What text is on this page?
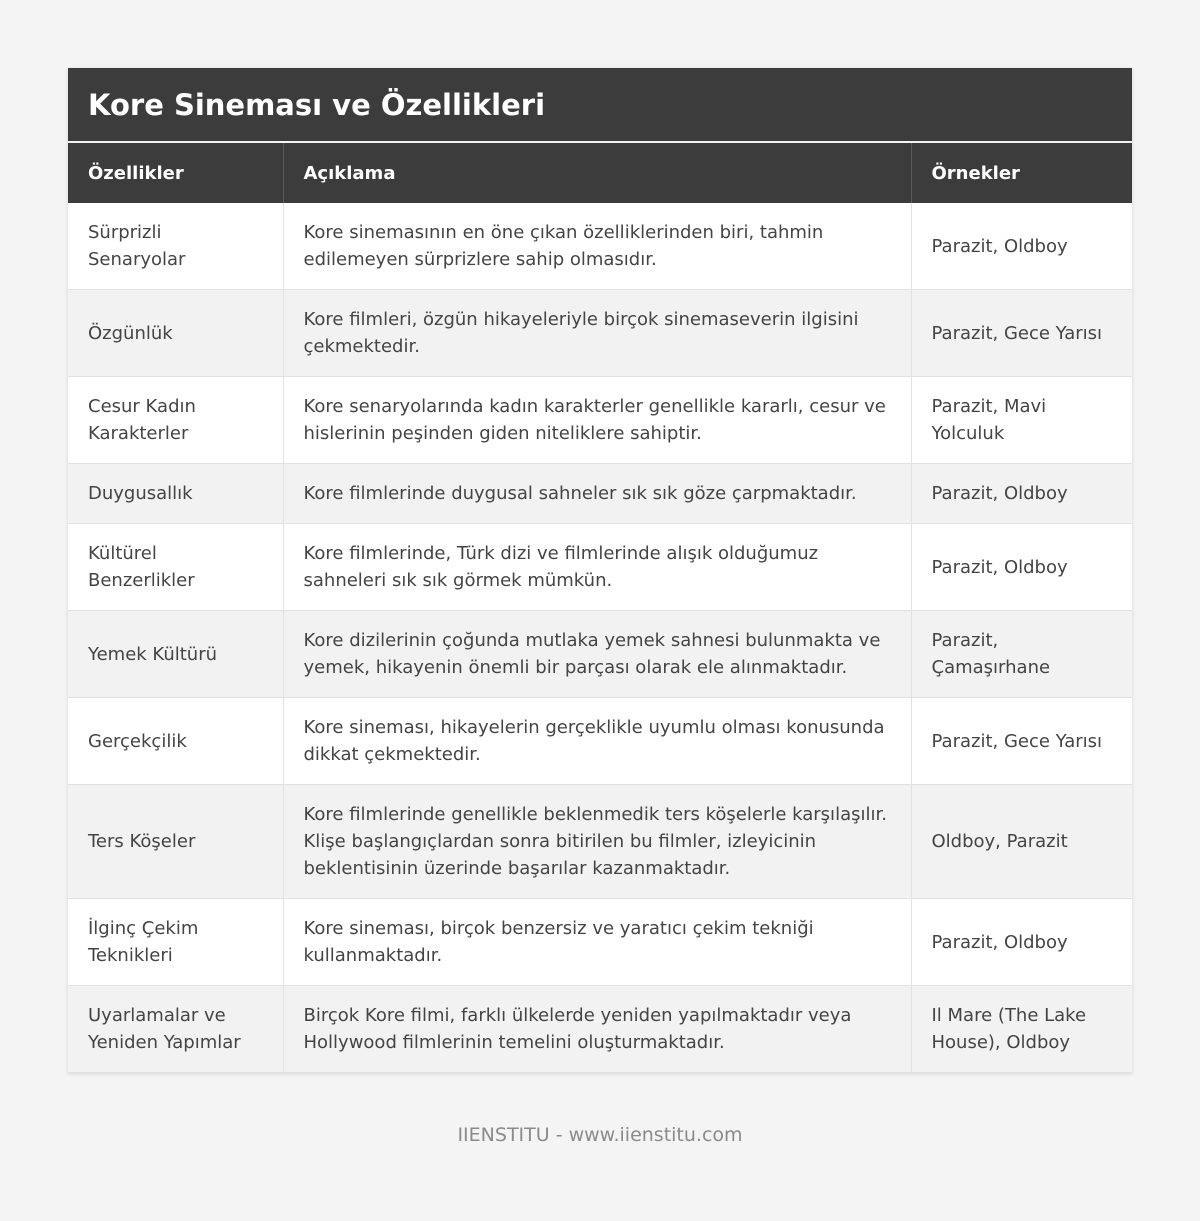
Kore Sineması ve Özellikleri
Özellikler	Açıklama	Örnekler
Sürprizli Senaryolar	Kore sinemasının en öne çıkan özelliklerinden biri, tahmin edilemeyen sürprizlere sahip olmasıdır.	Parazit, Oldboy
Özgünlük	Kore filmleri, özgün hikayeleriyle birçok sinemaseverin ilgisini çekmektedir.	Parazit, Gece Yarısı
Cesur Kadın Karakterler	Kore senaryolarında kadın karakterler genellikle kararlı, cesur ve hislerinin peşinden giden niteliklere sahiptir.	Parazit, Mavi Yolculuk
Duygusallık	Kore filmlerinde duygusal sahneler sık sık göze çarpmaktadır.	Parazit, Oldboy
Kültürel Benzerlikler	Kore filmlerinde, Türk dizi ve filmlerinde alışık olduğumuz sahneleri sık sık görmek mümkün.	Parazit, Oldboy
Yemek Kültürü	Kore dizilerinin çoğunda mutlaka yemek sahnesi bulunmakta ve yemek, hikayenin önemli bir parçası olarak ele alınmaktadır.	Parazit, Çamaşırhane
Gerçekçilik	Kore sineması, hikayelerin gerçeklikle uyumlu olması konusunda dikkat çekmektedir.	Parazit, Gece Yarısı
Ters Köşeler	Kore filmlerinde genellikle beklenmedik ters köşelerle karşılaşılır. Klişe başlangıçlardan sonra bitirilen bu filmler, izleyicinin beklentisinin üzerinde başarılar kazanmaktadır.	Oldboy, Parazit
İlginç Çekim Teknikleri	Kore sineması, birçok benzersiz ve yaratıcı çekim tekniği kullanmaktadır.	Parazit, Oldboy
Uyarlamalar ve Yeniden Yapımlar	Birçok Kore filmi, farklı ülkelerde yeniden yapılmaktadır veya Hollywood filmlerinin temelini oluşturmaktadır.	Il Mare (The Lake House), Oldboy
IIENSTITU - www.iienstitu.com
